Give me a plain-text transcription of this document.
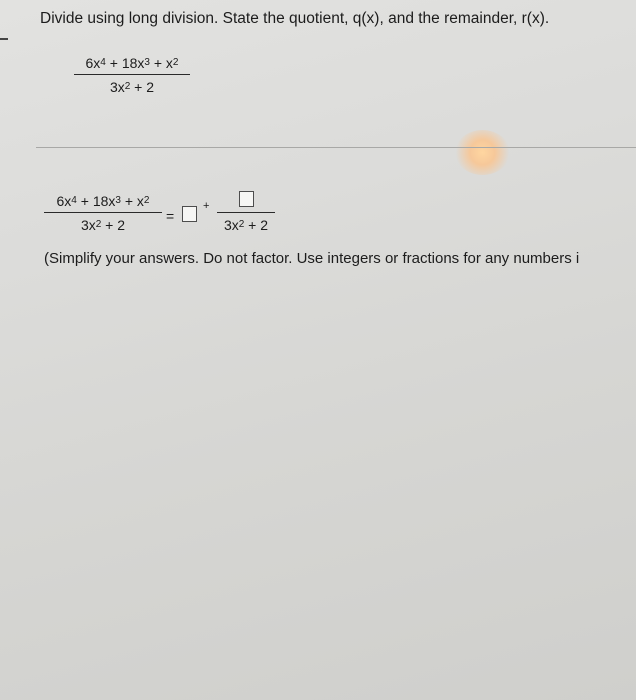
Divide using long division. State the quotient, q(x), and the remainder, r(x).
$6x^4 + 18x^3 + x^2$
$3x^2 + 2$
$6x^4 + 18x^3 + x^2$
$3x^2 + 2$
=
+
$3x^2 + 2$
(Simplify your answers. Do not factor. Use integers or fractions for any numbers i
